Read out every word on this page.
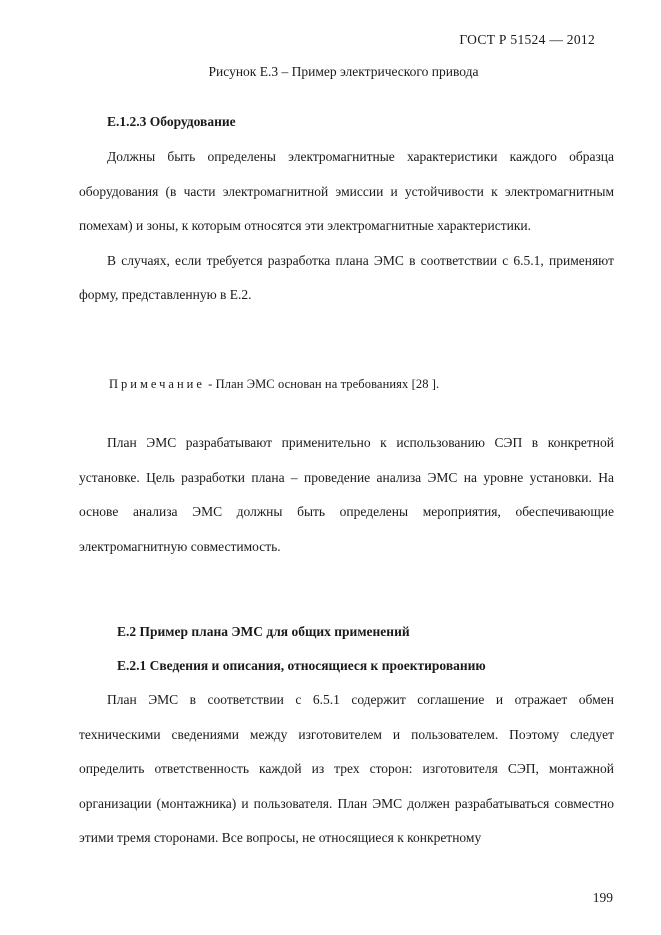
ГОСТ Р 51524 — 2012
Рисунок Е.3 – Пример электрического привода
Е.1.2.3 Оборудование

Должны быть определены электромагнитные характеристики каждого образца оборудования (в части электромагнитной эмиссии и устойчивости к электромагнитным помехам) и зоны, к которым относятся эти электромагнитные характеристики.

В случаях, если требуется разработка плана ЭМС в соответствии с 6.5.1, применяют форму, представленную в Е.2.

Примечание - План ЭМС основан на требованиях [28 ].

План ЭМС разрабатывают применительно к использованию СЭП в конкретной установке. Цель разработки плана – проведение анализа ЭМС на уровне установки. На основе анализа ЭМС должны быть определены мероприятия, обеспечивающие электромагнитную совместимость.

Е.2 Пример плана ЭМС для общих применений
Е.2.1 Сведения и описания, относящиеся к проектированию

План ЭМС в соответствии с 6.5.1 содержит соглашение и отражает обмен техническими сведениями между изготовителем и пользователем. Поэтому следует определить ответственность каждой из трех сторон: изготовителя СЭП, монтажной организации (монтажника) и пользователя. План ЭМС должен разрабатываться совместно этими тремя сторонами. Все вопросы, не относящиеся к конкретному

199
